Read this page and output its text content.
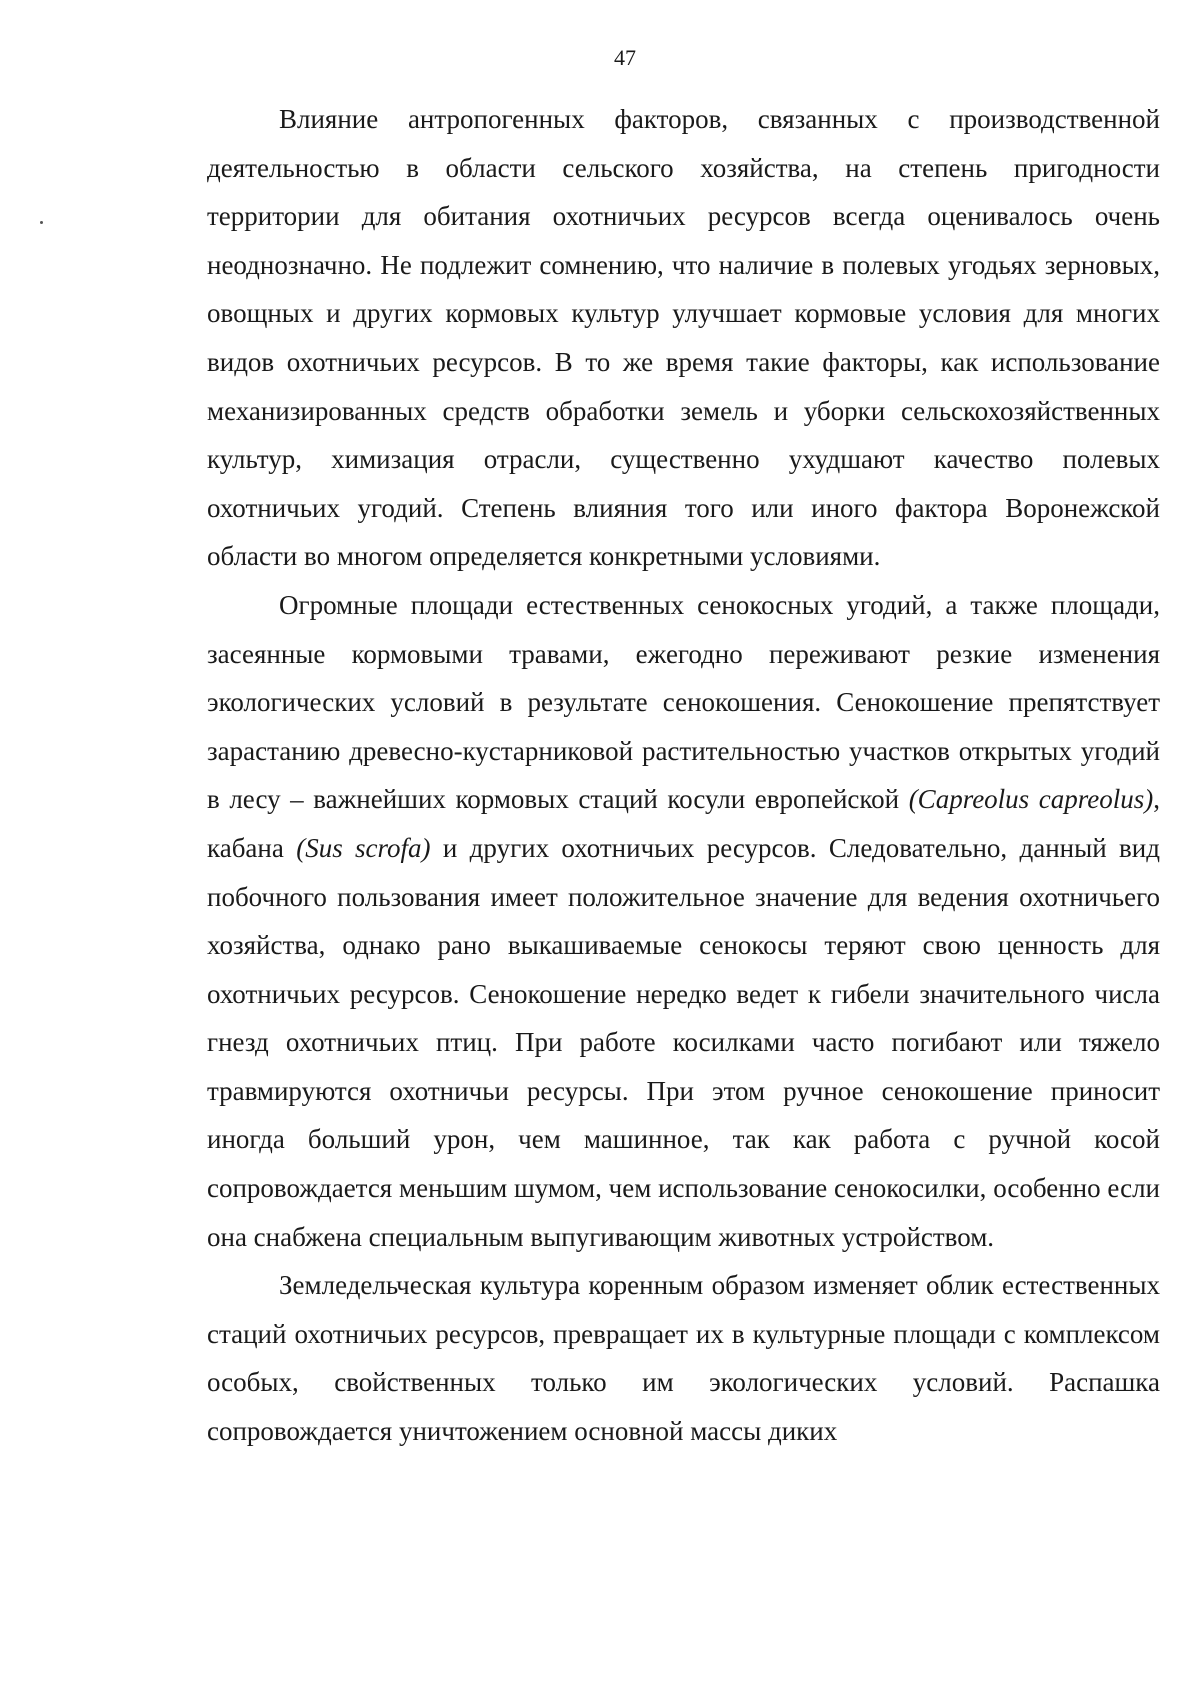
47

Влияние антропогенных факторов, связанных с производственной деятельностью в области сельского хозяйства, на степень пригодности территории для обитания охотничьих ресурсов всегда оценивалось очень неоднозначно. Не подлежит сомнению, что наличие в полевых угодьях зерновых, овощных и других кормовых культур улучшает кормовые условия для многих видов охотничьих ресурсов. В то же время такие факторы, как использование механизированных средств обработки земель и уборки сельскохозяйственных культур, химизация отрасли, существенно ухудшают качество полевых охотничьих угодий. Степень влияния того или иного фактора Воронежской области во многом определяется конкретными условиями.

Огромные площади естественных сенокосных угодий, а также площади, засеянные кормовыми травами, ежегодно переживают резкие изменения экологических условий в результате сенокошения. Сенокошение препятствует зарастанию древесно-кустарниковой растительностью участков открытых угодий в лесу – важнейших кормовых стаций косули европейской (Capreolus capreolus), кабана (Sus scrofa) и других охотничьих ресурсов. Следовательно, данный вид побочного пользования имеет положительное значение для ведения охотничьего хозяйства, однако рано выкашиваемые сенокосы теряют свою ценность для охотничьих ресурсов. Сенокошение нередко ведет к гибели значительного числа гнезд охотничьих птиц. При работе косилками часто погибают или тяжело травмируются охотничьи ресурсы. При этом ручное сенокошение приносит иногда больший урон, чем машинное, так как работа с ручной косой сопровождается меньшим шумом, чем использование сенокосилки, особенно если она снабжена специальным выпугивающим животных устройством.

Земледельческая культура коренным образом изменяет облик естественных стаций охотничьих ресурсов, превращает их в культурные площади с комплексом особых, свойственных только им экологических условий. Распашка сопровождается уничтожением основной массы диких
